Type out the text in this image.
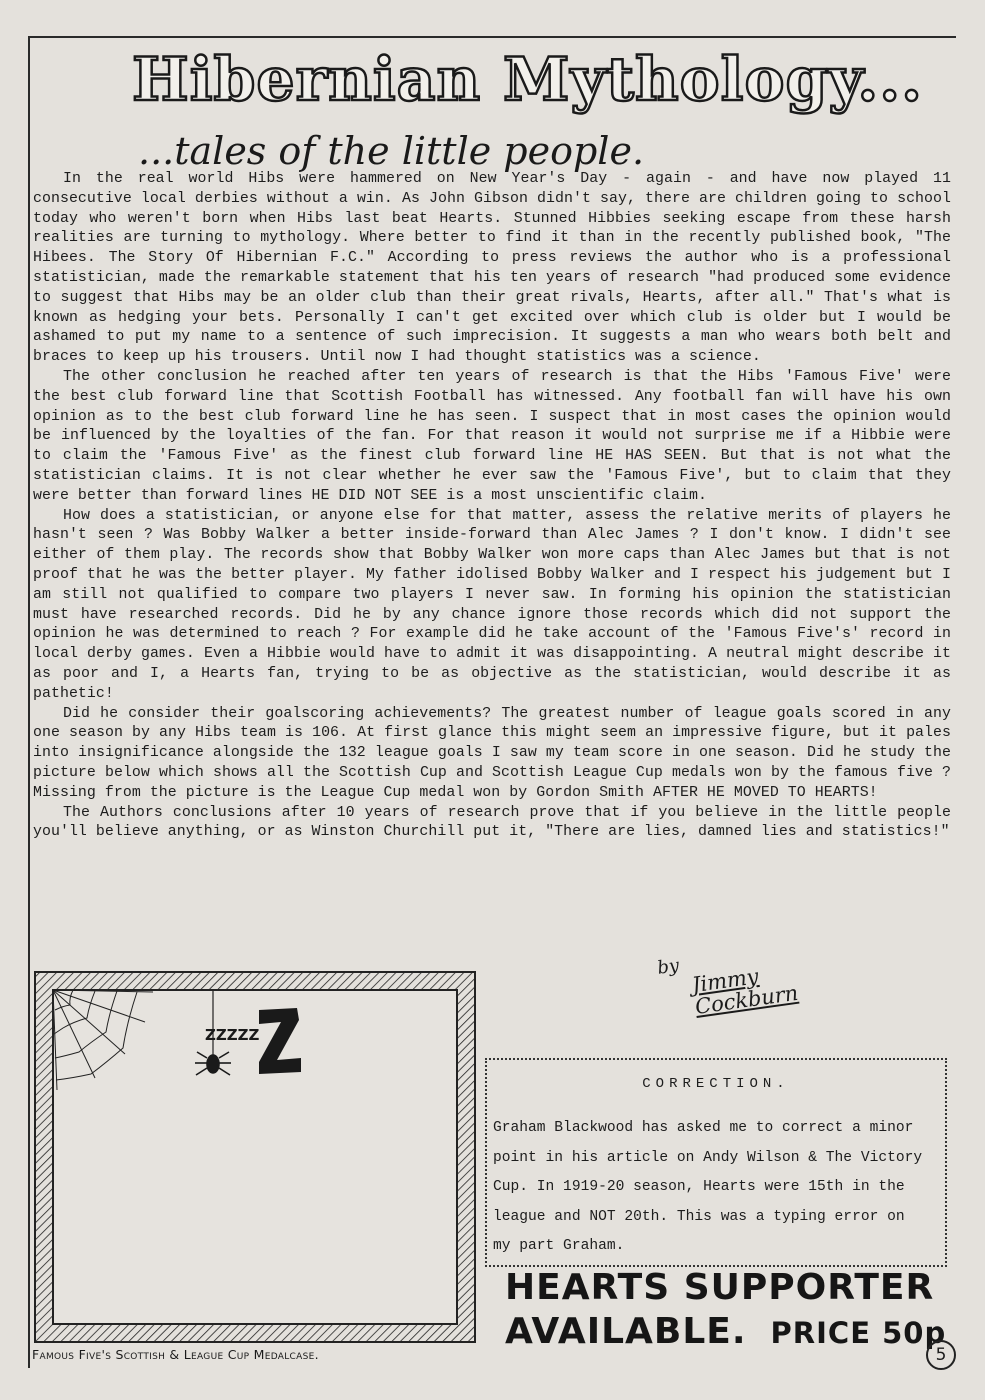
Hibernian Mythology...
...tales of the little people.

In the real world Hibs were hammered on New Year's Day - again - and have now played 11 consecutive local derbies without a win. As John Gibson didn't say, there are children going to school today who weren't born when Hibs last beat Hearts. Stunned Hibbies seeking escape from these harsh realities are turning to mythology. Where better to find it than in the recently published book, "The Hibees. The Story Of Hibernian F.C." According to press reviews the author who is a professional statistician, made the remarkable statement that his ten years of research "had produced some evidence to suggest that Hibs may be an older club than their great rivals, Hearts, after all." That's what is known as hedging your bets. Personally I can't get excited over which club is older but I would be ashamed to put my name to a sentence of such imprecision. It suggests a man who wears both belt and braces to keep up his trousers. Until now I had thought statistics was a science.

The other conclusion he reached after ten years of research is that the Hibs 'Famous Five' were the best club forward line that Scottish Football has witnessed. Any football fan will have his own opinion as to the best club forward line he has seen. I suspect that in most cases the opinion would be influenced by the loyalties of the fan. For that reason it would not surprise me if a Hibbie were to claim the 'Famous Five' as the finest club forward line HE HAS SEEN. But that is not what the statistician claims. It is not clear whether he ever saw the 'Famous Five', but to claim that they were better than forward lines HE DID NOT SEE is a most unscientific claim.

How does a statistician, or anyone else for that matter, assess the relative merits of players he hasn't seen ? Was Bobby Walker a better inside-forward than Alec James ? I don't know. I didn't see either of them play. The records show that Bobby Walker won more caps than Alec James but that is not proof that he was the better player. My father idolised Bobby Walker and I respect his judgement but I am still not qualified to compare two players I never saw. In forming his opinion the statistician must have researched records. Did he by any chance ignore those records which did not support the opinion he was determined to reach ? For example did he take account of the 'Famous Five's' record in local derby games. Even a Hibbie would have to admit it was disappointing. A neutral might describe it as poor and I, a Hearts fan, trying to be as objective as the statistician, would describe it as pathetic!

Did he consider their goalscoring achievements? The greatest number of league goals scored in any one season by any Hibs team is 106. At first glance this might seem an impressive figure, but it pales into insignificance alongside the 132 league goals I saw my team score in one season. Did he study the picture below which shows all the Scottish Cup and Scottish League Cup medals won by the famous five ? Missing from the picture is the League Cup medal won by Gordon Smith AFTER HE MOVED TO HEARTS!

The Authors conclusions after 10 years of research prove that if you believe in the little people you'll believe anything, or as Winston Churchill put it, "There are lies, damned lies and statistics!"

by Jimmy Cockburn
ZZZZZ
Famous Five's Scottish & League Cup Medalcase.
CORRECTION.
Graham Blackwood has asked me to correct a minor point in his article on Andy Wilson & The Victory Cup. In 1919-20 season, Hearts were 15th in the league and NOT 20th. This was a typing error on my part Graham.
HEARTS SUPPORTER
AVAILABLE. PRICE 50p
5
